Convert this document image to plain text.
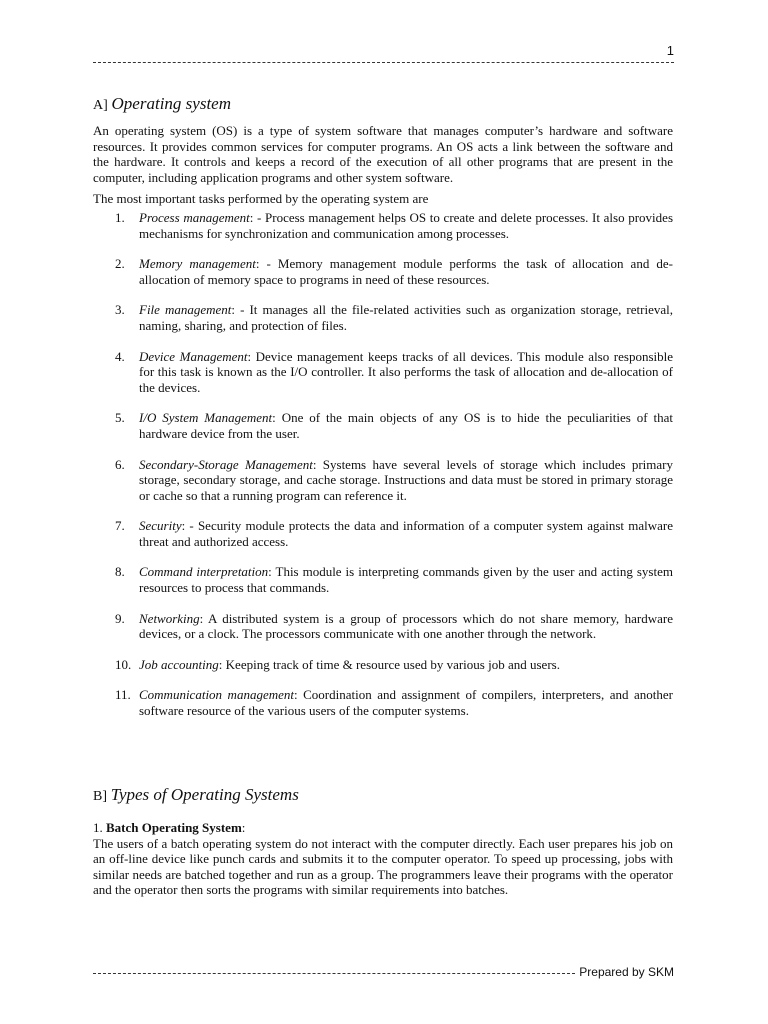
1
A] Operating system

An operating system (OS) is a type of system software that manages computer’s hardware and software resources. It provides common services for computer programs. An OS acts a link between the software and the hardware. It controls and keeps a record of the execution of all other programs that are present in the computer, including application programs and other system software.

The most important tasks performed by the operating system are

1. Process management: - Process management helps OS to create and delete processes. It also provides mechanisms for synchronization and communication among processes.
2. Memory management: - Memory management module performs the task of allocation and de-allocation of memory space to programs in need of these resources.
3. File management: - It manages all the file-related activities such as organization storage, retrieval, naming, sharing, and protection of files.
4. Device Management: Device management keeps tracks of all devices. This module also responsible for this task is known as the I/O controller. It also performs the task of allocation and de-allocation of the devices.
5. I/O System Management: One of the main objects of any OS is to hide the peculiarities of that hardware device from the user.
6. Secondary-Storage Management: Systems have several levels of storage which includes primary storage, secondary storage, and cache storage. Instructions and data must be stored in primary storage or cache so that a running program can reference it.
7. Security: - Security module protects the data and information of a computer system against malware threat and authorized access.
8. Command interpretation: This module is interpreting commands given by the user and acting system resources to process that commands.
9. Networking: A distributed system is a group of processors which do not share memory, hardware devices, or a clock. The processors communicate with one another through the network.
10. Job accounting: Keeping track of time & resource used by various job and users.
11. Communication management: Coordination and assignment of compilers, interpreters, and another software resource of the various users of the computer systems.
B] Types of Operating Systems

1. Batch Operating System:

The users of a batch operating system do not interact with the computer directly. Each user prepares his job on an off-line device like punch cards and submits it to the computer operator. To speed up processing, jobs with similar needs are batched together and run as a group. The programmers leave their programs with the operator and the operator then sorts the programs with similar requirements into batches.

Prepared by SKM
